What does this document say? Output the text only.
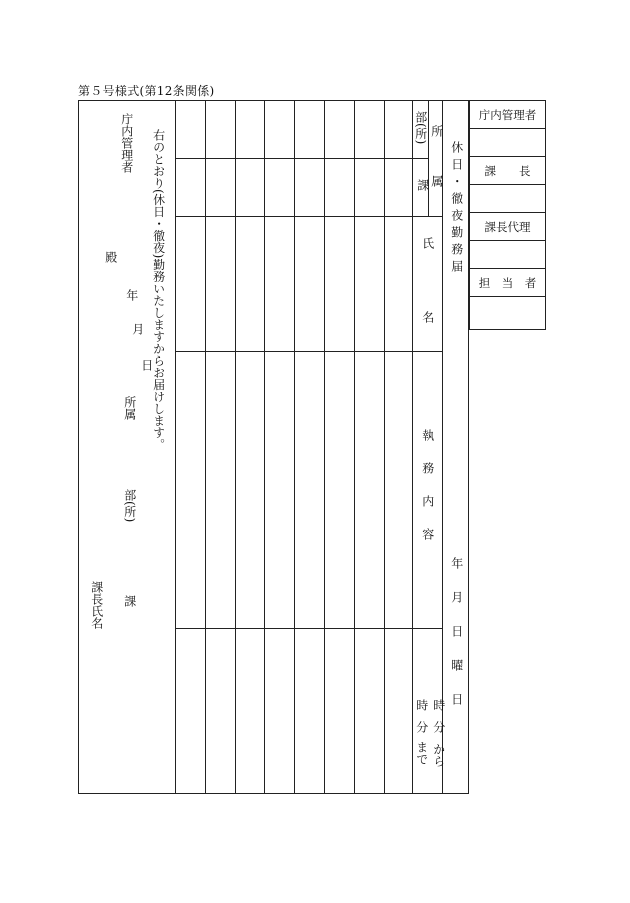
第５号様式(第12条関係)
庁内管理者
殿	右のとおり(休日・徹夜)勤務いたしますからお届けします。
年
月
日
所属
部(所)
課
課長氏名
部(所) 所
属
課
氏名
執務内容
時
分
まで
時
分
から
休日・徹夜勤務届
年月日曜日
庁内管理者
課　　長
課長代理
担　当　者
